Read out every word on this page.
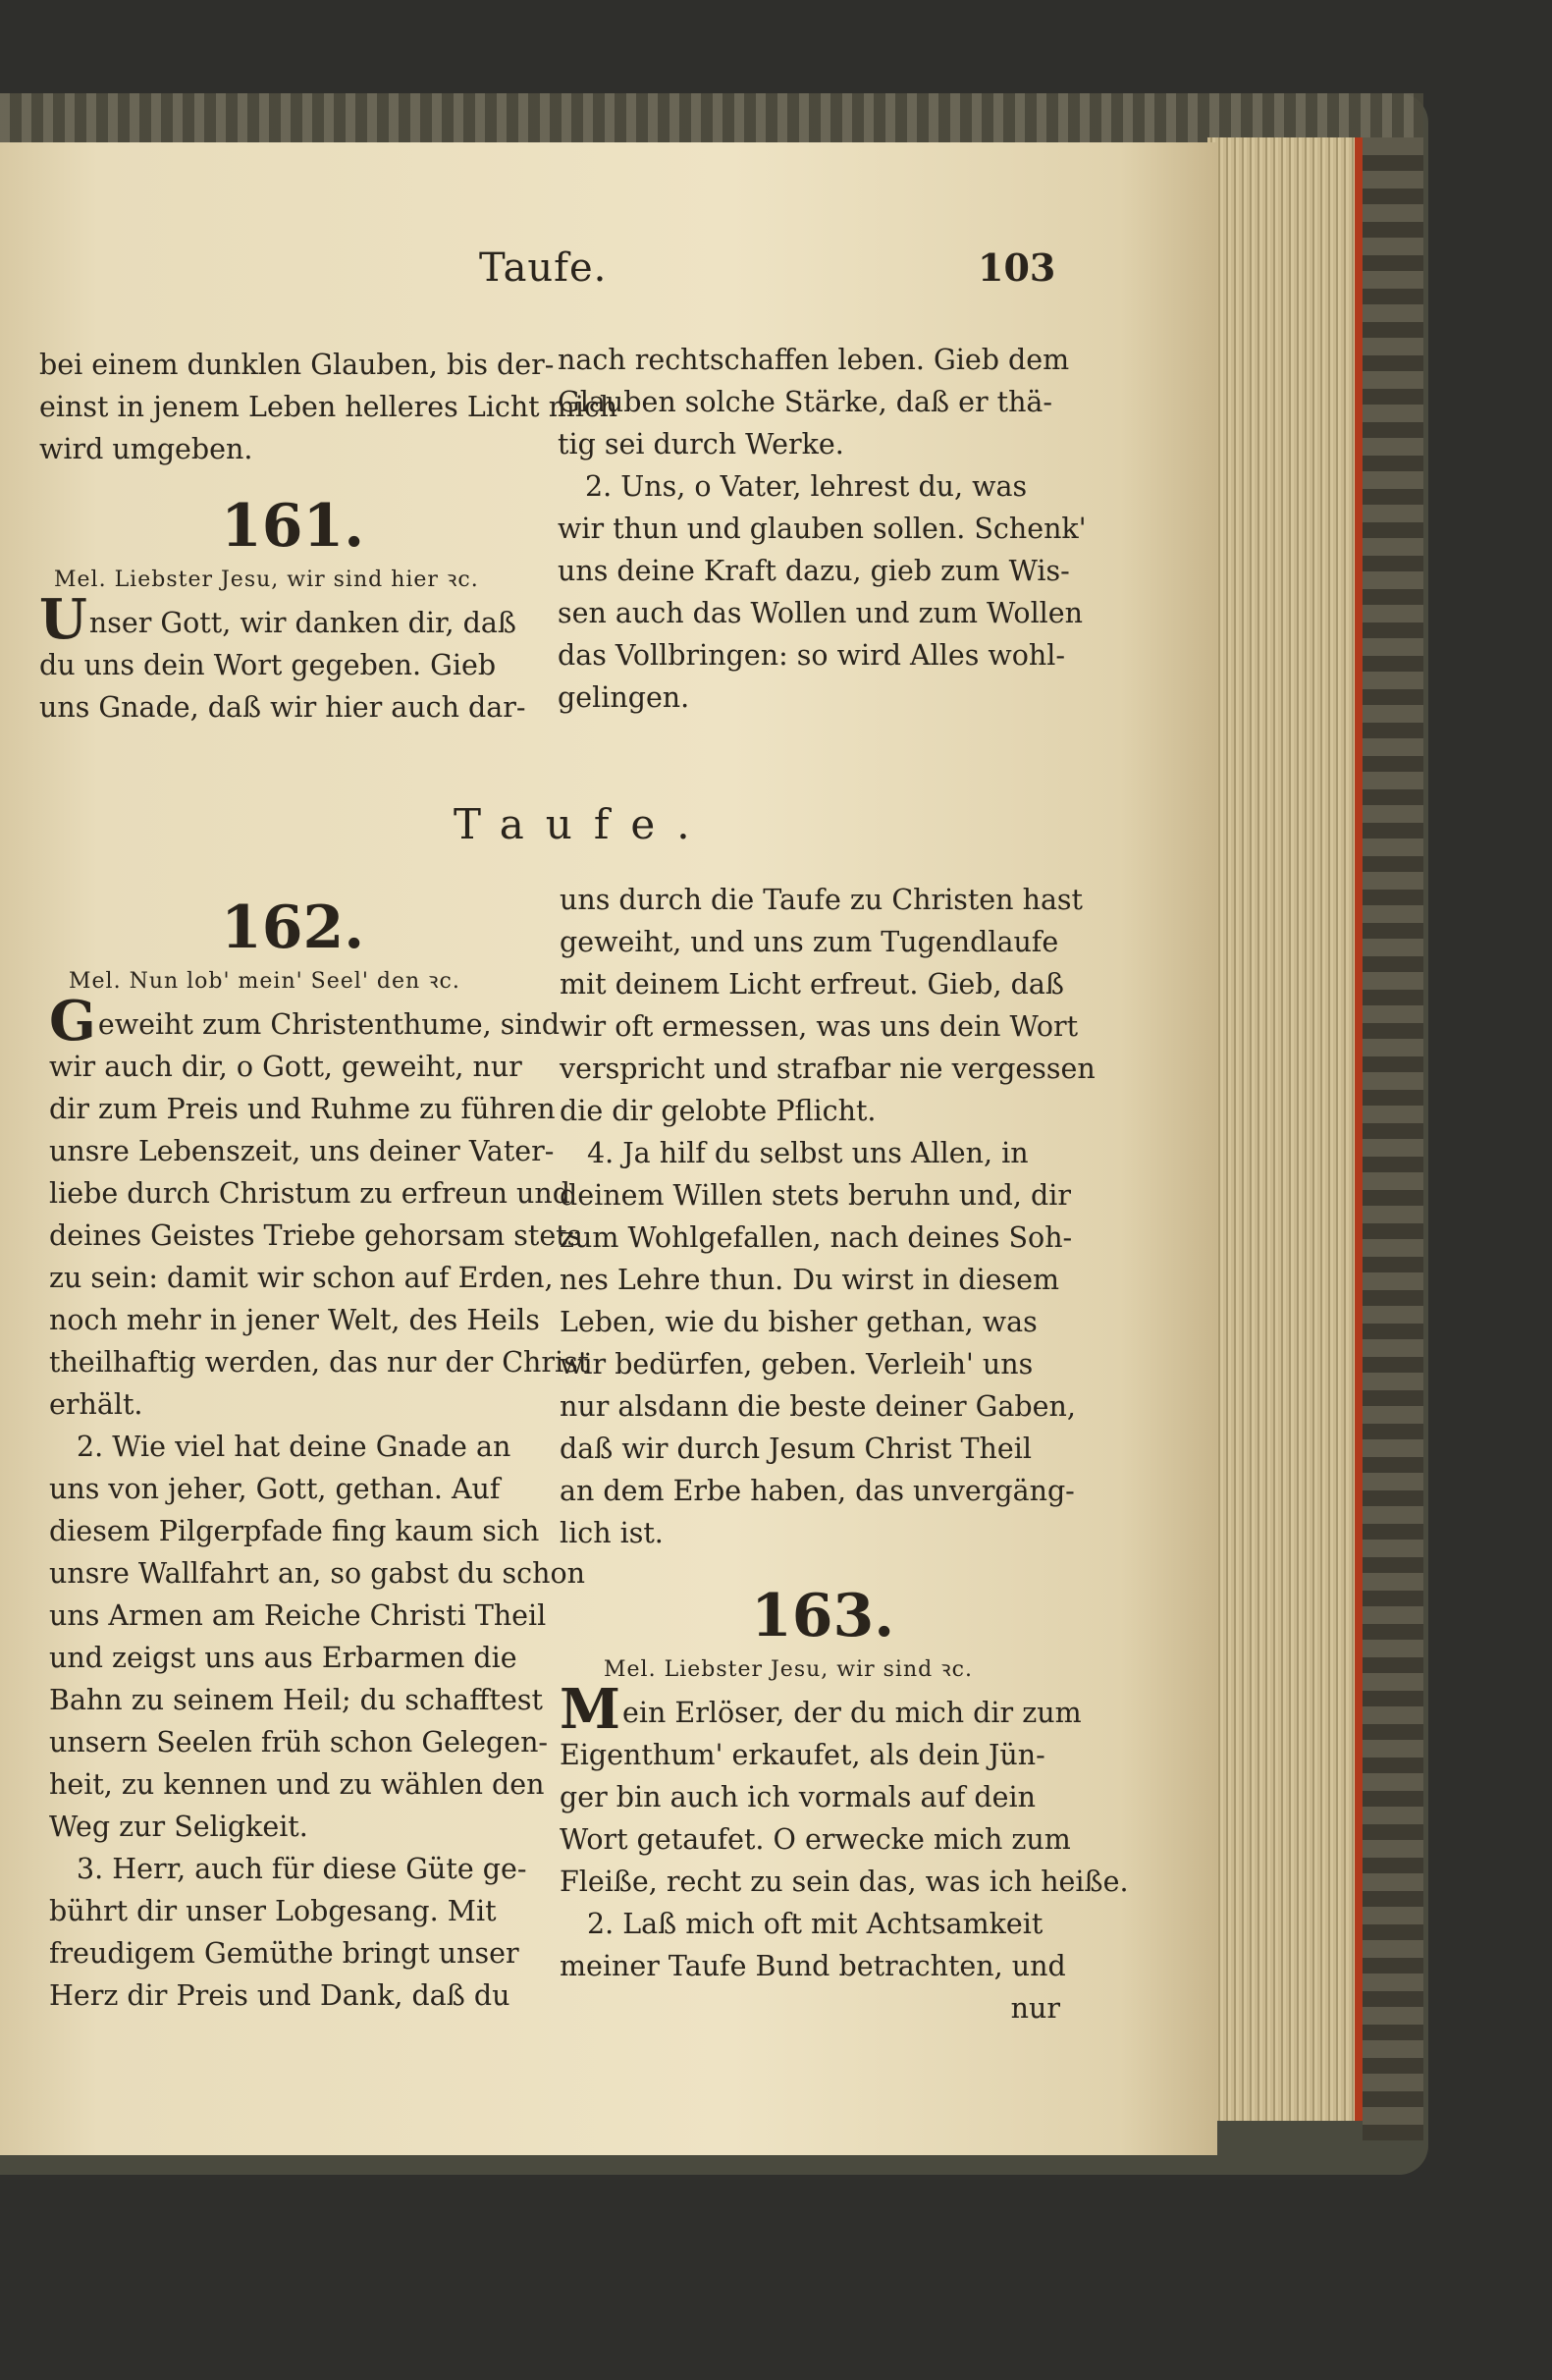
Taufe.	103

bei einem dunklen Glauben, bis der-

einst in jenem Leben helleres Licht mich

wird umgeben.

161.

Mel. Liebster Jesu, wir sind hier ꝛc.

Unser Gott, wir danken dir, daß

du uns dein Wort gegeben. Gieb

uns Gnade, daß wir hier auch dar-

nach rechtschaffen leben. Gieb dem

Glauben solche Stärke, daß er thä-

tig sei durch Werke.

2. Uns, o Vater, lehrest du, was

wir thun und glauben sollen. Schenk'

uns deine Kraft dazu, gieb zum Wis-

sen auch das Wollen und zum Wollen

das Vollbringen: so wird Alles wohl-

gelingen.

Taufe.

162.

Mel. Nun lob' mein' Seel' den ꝛc.

Geweiht zum Christenthume, sind

wir auch dir, o Gott, geweiht, nur

dir zum Preis und Ruhme zu führen

unsre Lebenszeit, uns deiner Vater-

liebe durch Christum zu erfreun und

deines Geistes Triebe gehorsam stets

zu sein: damit wir schon auf Erden,

noch mehr in jener Welt, des Heils

theilhaftig werden, das nur der Christ

erhält.

2. Wie viel hat deine Gnade an

uns von jeher, Gott, gethan. Auf

diesem Pilgerpfade fing kaum sich

unsre Wallfahrt an, so gabst du schon

uns Armen am Reiche Christi Theil

und zeigst uns aus Erbarmen die

Bahn zu seinem Heil; du schafftest

unsern Seelen früh schon Gelegen-

heit, zu kennen und zu wählen den

Weg zur Seligkeit.

3. Herr, auch für diese Güte ge-

bührt dir unser Lobgesang. Mit

freudigem Gemüthe bringt unser

Herz dir Preis und Dank, daß du

uns durch die Taufe zu Christen hast

geweiht, und uns zum Tugendlaufe

mit deinem Licht erfreut. Gieb, daß

wir oft ermessen, was uns dein Wort

verspricht und strafbar nie vergessen

die dir gelobte Pflicht.

4. Ja hilf du selbst uns Allen, in

deinem Willen stets beruhn und, dir

zum Wohlgefallen, nach deines Soh-

nes Lehre thun. Du wirst in diesem

Leben, wie du bisher gethan, was

wir bedürfen, geben. Verleih' uns

nur alsdann die beste deiner Gaben,

daß wir durch Jesum Christ Theil

an dem Erbe haben, das unvergäng-

lich ist.

163.

Mel. Liebster Jesu, wir sind ꝛc.

Mein Erlöser, der du mich dir zum

Eigenthum' erkaufet, als dein Jün-

ger bin auch ich vormals auf dein

Wort getaufet. O erwecke mich zum

Fleiße, recht zu sein das, was ich heiße.

2. Laß mich oft mit Achtsamkeit

meiner Taufe Bund betrachten, und

nur
